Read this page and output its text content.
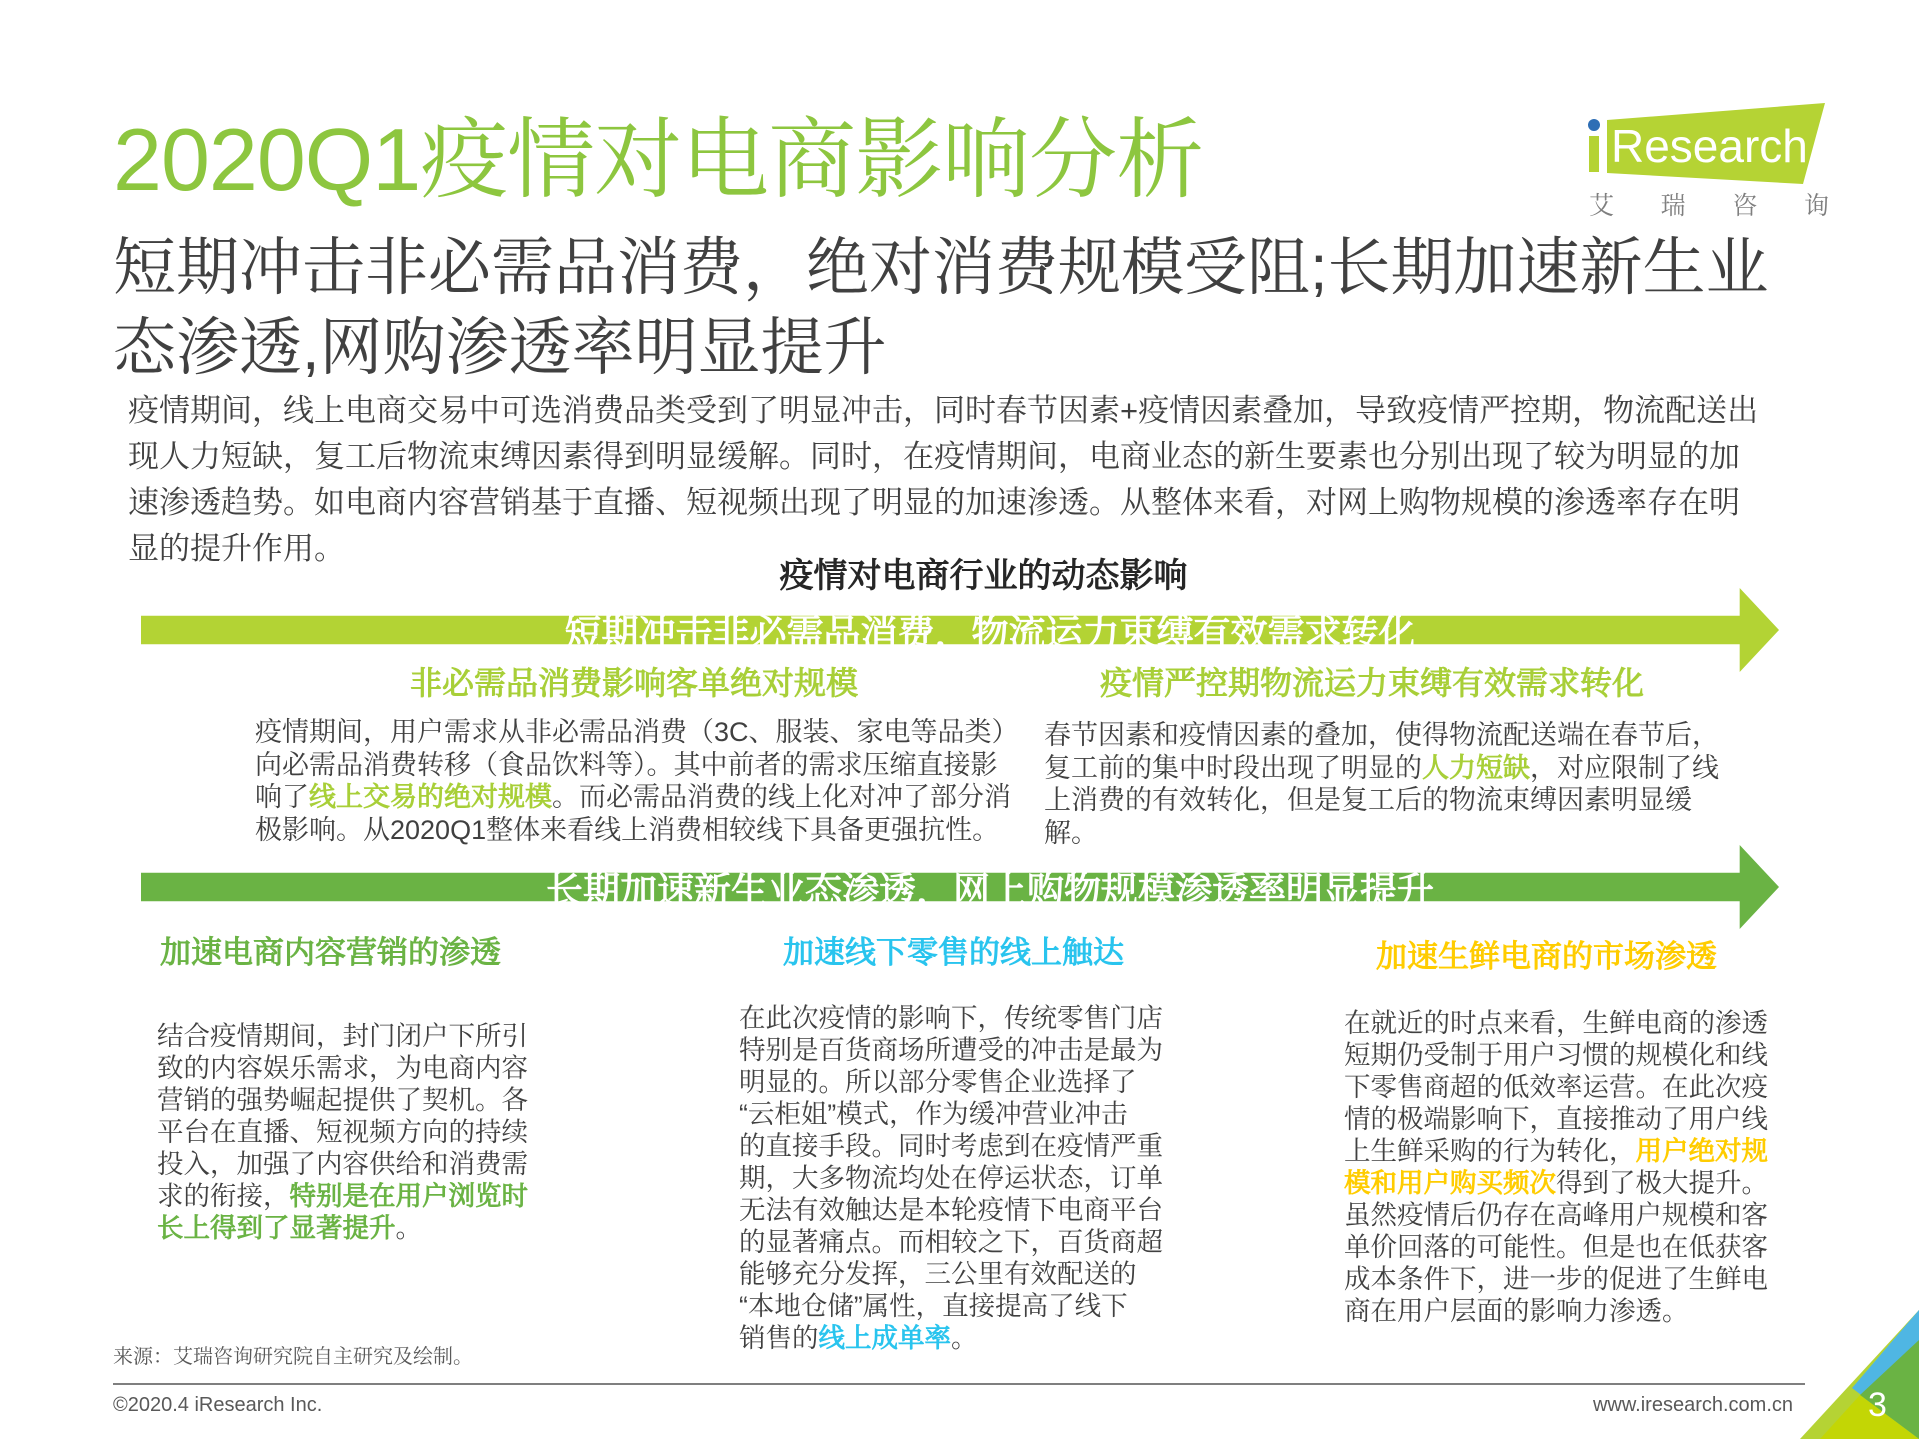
2020Q1疫情对电商影响分析	Research
艾 瑞 咨 询
短期冲击非必需品消费，绝对消费规模受阻;长期加速新生业
态渗透,网购渗透率明显提升
疫情期间，线上电商交易中可选消费品类受到了明显冲击，同时春节因素+疫情因素叠加，导致疫情严控期，物流配送出
现人力短缺，复工后物流束缚因素得到明显缓解。同时，在疫情期间，电商业态的新生要素也分别出现了较为明显的加
速渗透趋势。如电商内容营销基于直播、短视频出现了明显的加速渗透。从整体来看，对网上购物规模的渗透率存在明
显的提升作用。
疫情对电商行业的动态影响
短期冲击非必需品消费，物流运力束缚有效需求转化
非必需品消费影响客单绝对规模	疫情严控期物流运力束缚有效需求转化
疫情期间，用户需求从非必需品消费（3C、服装、家电等品类）
向必需品消费转移（食品饮料等）。其中前者的需求压缩直接影
响了线上交易的绝对规模。而必需品消费的线上化对冲了部分消
极影响。从2020Q1整体来看线上消费相较线下具备更强抗性。
春节因素和疫情因素的叠加，使得物流配送端在春节后，
复工前的集中时段出现了明显的人力短缺，对应限制了线
上消费的有效转化，但是复工后的物流束缚因素明显缓
解。
长期加速新生业态渗透，网上购物规模渗透率明显提升
加速电商内容营销的渗透
结合疫情期间，封门闭户下所引
致的内容娱乐需求，为电商内容
营销的强势崛起提供了契机。各
平台在直播、短视频方向的持续
投入，加强了内容供给和消费需
求的衔接，特别是在用户浏览时
长上得到了显著提升。
加速线下零售的线上触达
在此次疫情的影响下，传统零售门店
特别是百货商场所遭受的冲击是最为
明显的。所以部分零售企业选择了
“云柜姐”模式，作为缓冲营业冲击
的直接手段。同时考虑到在疫情严重
期，大多物流均处在停运状态，订单
无法有效触达是本轮疫情下电商平台
的显著痛点。而相较之下，百货商超
能够充分发挥，三公里有效配送的
“本地仓储”属性，直接提高了线下
销售的线上成单率。
加速生鲜电商的市场渗透
在就近的时点来看，生鲜电商的渗透
短期仍受制于用户习惯的规模化和线
下零售商超的低效率运营。在此次疫
情的极端影响下，直接推动了用户线
上生鲜采购的行为转化，用户绝对规
模和用户购买频次得到了极大提升。
虽然疫情后仍存在高峰用户规模和客
单价回落的可能性。但是也在低获客
成本条件下，进一步的促进了生鲜电
商在用户层面的影响力渗透。
来源：艾瑞咨询研究院自主研究及绘制。
©2020.4 iResearch Inc.	www.iresearch.com.cn 3
